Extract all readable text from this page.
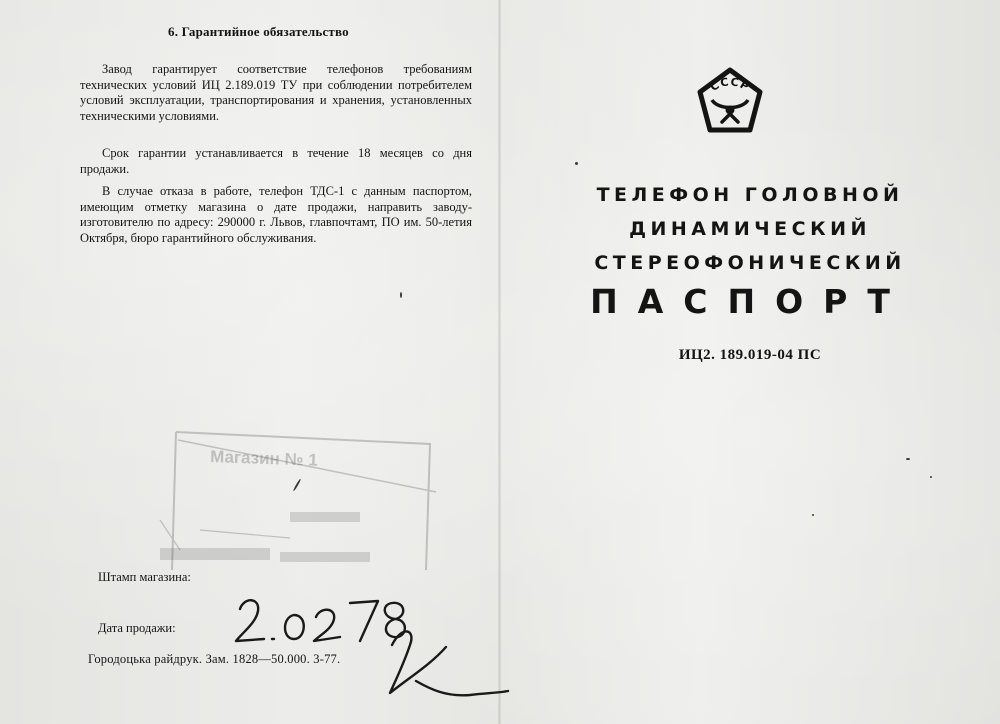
6. Гарантийное обязательство

Завод гарантирует соответствие телефонов требованиям технических условий ИЦ 2.189.019 ТУ при соблюдении потребителем условий эксплуатации, транспортирования и хранения, установленных техническими условиями.

Срок гарантии устанавливается в течение 18 месяцев со дня продажи.

В случае отказа в работе, телефон ТДС-1 с данным паспортом, имеющим отметку магазина о дате продажи, направить заводу-изготовителю по адресу: 290000 г. Львов, главпочтамт, ПО им. 50-летия Октября, бюро гарантийного обслуживания.

Магазин № 1
Штамп магазина:
Дата продажи:
Городоцька райдрук. Зам. 1828—50.000. 3-77.
СССР

ТЕЛЕФОН ГОЛОВНОЙ

ДИНАМИЧЕСКИЙ

СТЕРЕОФОНИЧЕСКИЙ

ПАСПОРТ

ИЦ2. 189.019-04 ПС
